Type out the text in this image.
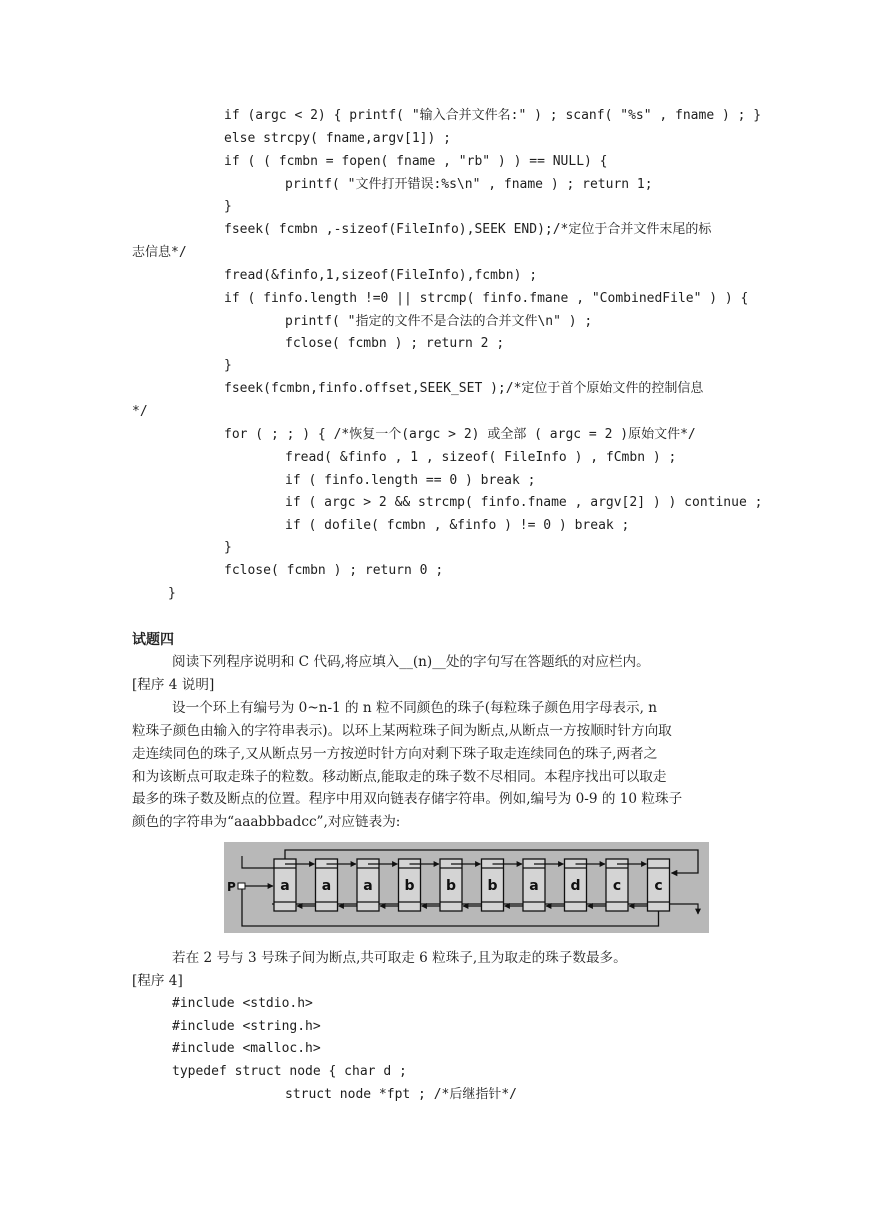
if (argc < 2) { printf( "输入合并文件名:" ) ; scanf( "%s" , fname ) ; }
else strcpy( fname,argv[1]) ;
if ( ( fcmbn = fopen( fname , "rb" ) ) == NULL) {
printf( "文件打开错误:%s\n" , fname ) ; return 1;
}
fseek( fcmbn ,-sizeof(FileInfo),SEEK END);/*定位于合并文件末尾的标
志信息*/
fread(&finfo,1,sizeof(FileInfo),fcmbn) ;
if ( finfo.length !=0 || strcmp( finfo.fmane , "CombinedFile" ) ) {
printf( "指定的文件不是合法的合并文件\n" ) ;
fclose( fcmbn ) ; return 2 ;
}
fseek(fcmbn,finfo.offset,SEEK_SET );/*定位于首个原始文件的控制信息
*/
for ( ; ; ) { /*恢复一个(argc > 2) 或全部 ( argc = 2 )原始文件*/
fread( &finfo , 1 , sizeof( FileInfo ) , fCmbn ) ;
if ( finfo.length == 0 ) break ;
if ( argc > 2 && strcmp( finfo.fname , argv[2] ) ) continue ;
if ( dofile( fcmbn , &finfo ) != 0 ) break ;
}
fclose( fcmbn ) ; return 0 ;
}
试题四
阅读下列程序说明和 C 代码,将应填入__(n)__处的字句写在答题纸的对应栏内。
[程序 4 说明]
设一个环上有编号为 0~n-1 的 n 粒不同颜色的珠子(每粒珠子颜色用字母表示, n
粒珠子颜色由输入的字符串表示)。以环上某两粒珠子间为断点,从断点一方按顺时针方向取
走连续同色的珠子,又从断点另一方按逆时针方向对剩下珠子取走连续同色的珠子,两者之
和为该断点可取走珠子的粒数。移动断点,能取走的珠子数不尽相同。本程序找出可以取走
最多的珠子数及断点的位置。程序中用双向链表存储字符串。例如,编号为 0-9 的 10 粒珠子
颜色的字符串为“aaabbbadcc”,对应链表为:
P	a a a b b b a d c c
若在 2 号与 3 号珠子间为断点,共可取走 6 粒珠子,且为取走的珠子数最多。
[程序 4]
#include <stdio.h>
#include <string.h>
#include <malloc.h>
typedef struct node { char d ;
struct node *fpt ; /*后继指针*/
